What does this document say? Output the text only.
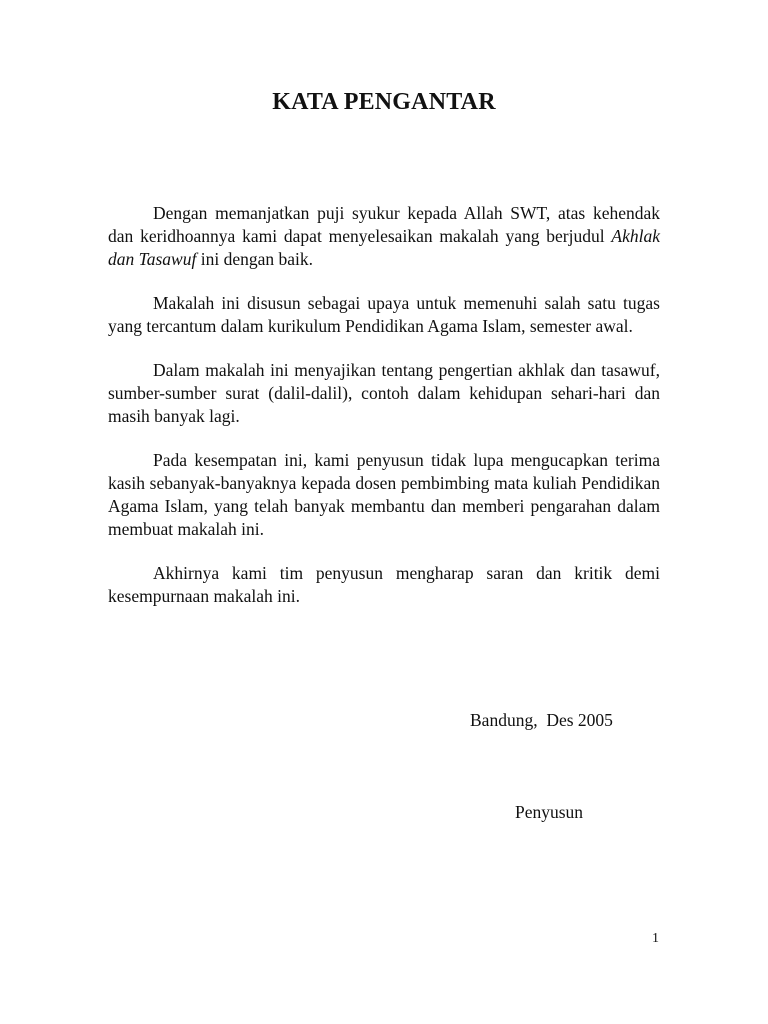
KATA PENGANTAR

Dengan memanjatkan puji syukur kepada Allah SWT, atas kehendak dan keridhoannya kami dapat menyelesaikan makalah yang berjudul Akhlak dan Tasawuf ini dengan baik.

Makalah ini disusun sebagai upaya untuk memenuhi salah satu tugas yang tercantum dalam kurikulum Pendidikan Agama Islam, semester awal.

Dalam makalah ini menyajikan tentang pengertian akhlak dan tasawuf, sumber-sumber surat (dalil-dalil), contoh dalam kehidupan sehari-hari dan masih banyak lagi.

Pada kesempatan ini, kami penyusun tidak lupa mengucapkan terima kasih sebanyak-banyaknya kepada dosen pembimbing mata kuliah Pendidikan Agama Islam, yang telah banyak membantu dan memberi pengarahan dalam membuat makalah ini.

Akhirnya kami tim penyusun mengharap saran dan kritik demi kesempurnaan makalah ini.

Bandung,  Des 2005
Penyusun
1
